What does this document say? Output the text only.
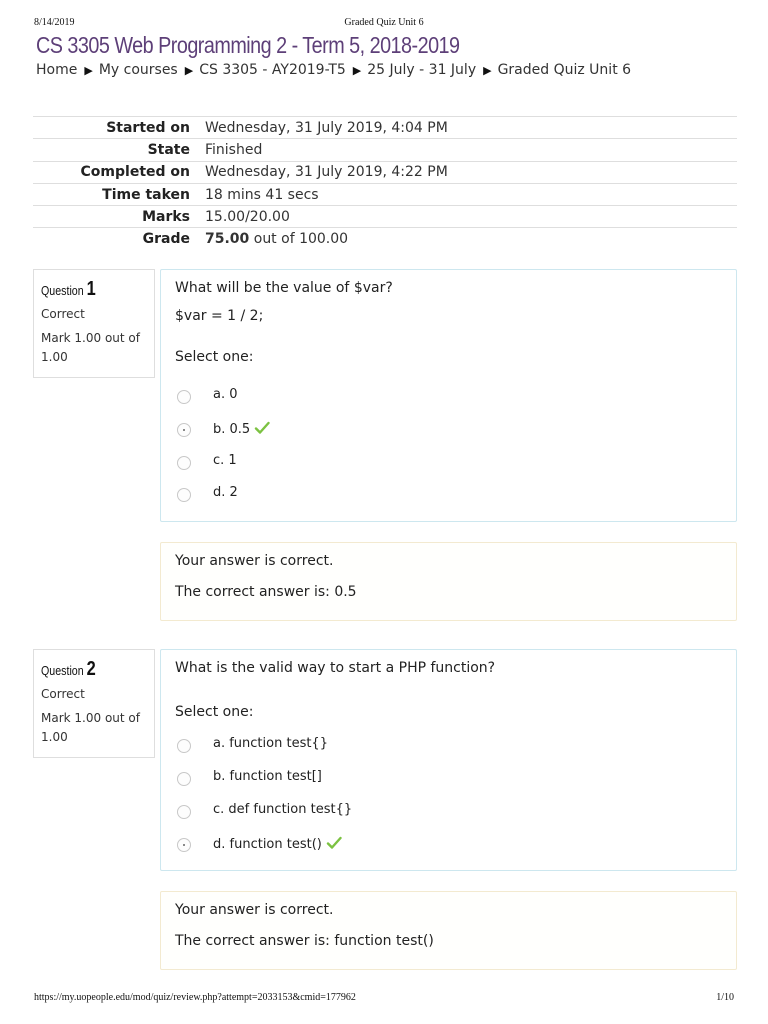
8/14/2019	Graded Quiz Unit 6
CS 3305 Web Programming 2 - Term 5, 2018-2019
Home ▶ My courses ▶ CS 3305 - AY2019-T5 ▶ 25 July - 31 July ▶ Graded Quiz Unit 6
Started on	Wednesday, 31 July 2019, 4:04 PM
State	Finished
Completed on	Wednesday, 31 July 2019, 4:22 PM
Time taken	18 mins 41 secs
Marks	15.00/20.00
Grade	75.00 out of 100.00
Question 1
Correct
Mark 1.00 out of 1.00
What will be the value of $var?
$var = 1 / 2;
Select one:
a. 0
b. 0.5
c. 1
d. 2
Your answer is correct.
The correct answer is: 0.5
Question 2
Correct
Mark 1.00 out of 1.00
What is the valid way to start a PHP function?
Select one:
a. function test{}
b. function test[]
c. def function test{}
d. function test()
Your answer is correct.
The correct answer is: function test()
https://my.uopeople.edu/mod/quiz/review.php?attempt=2033153&cmid=177962	1/10
